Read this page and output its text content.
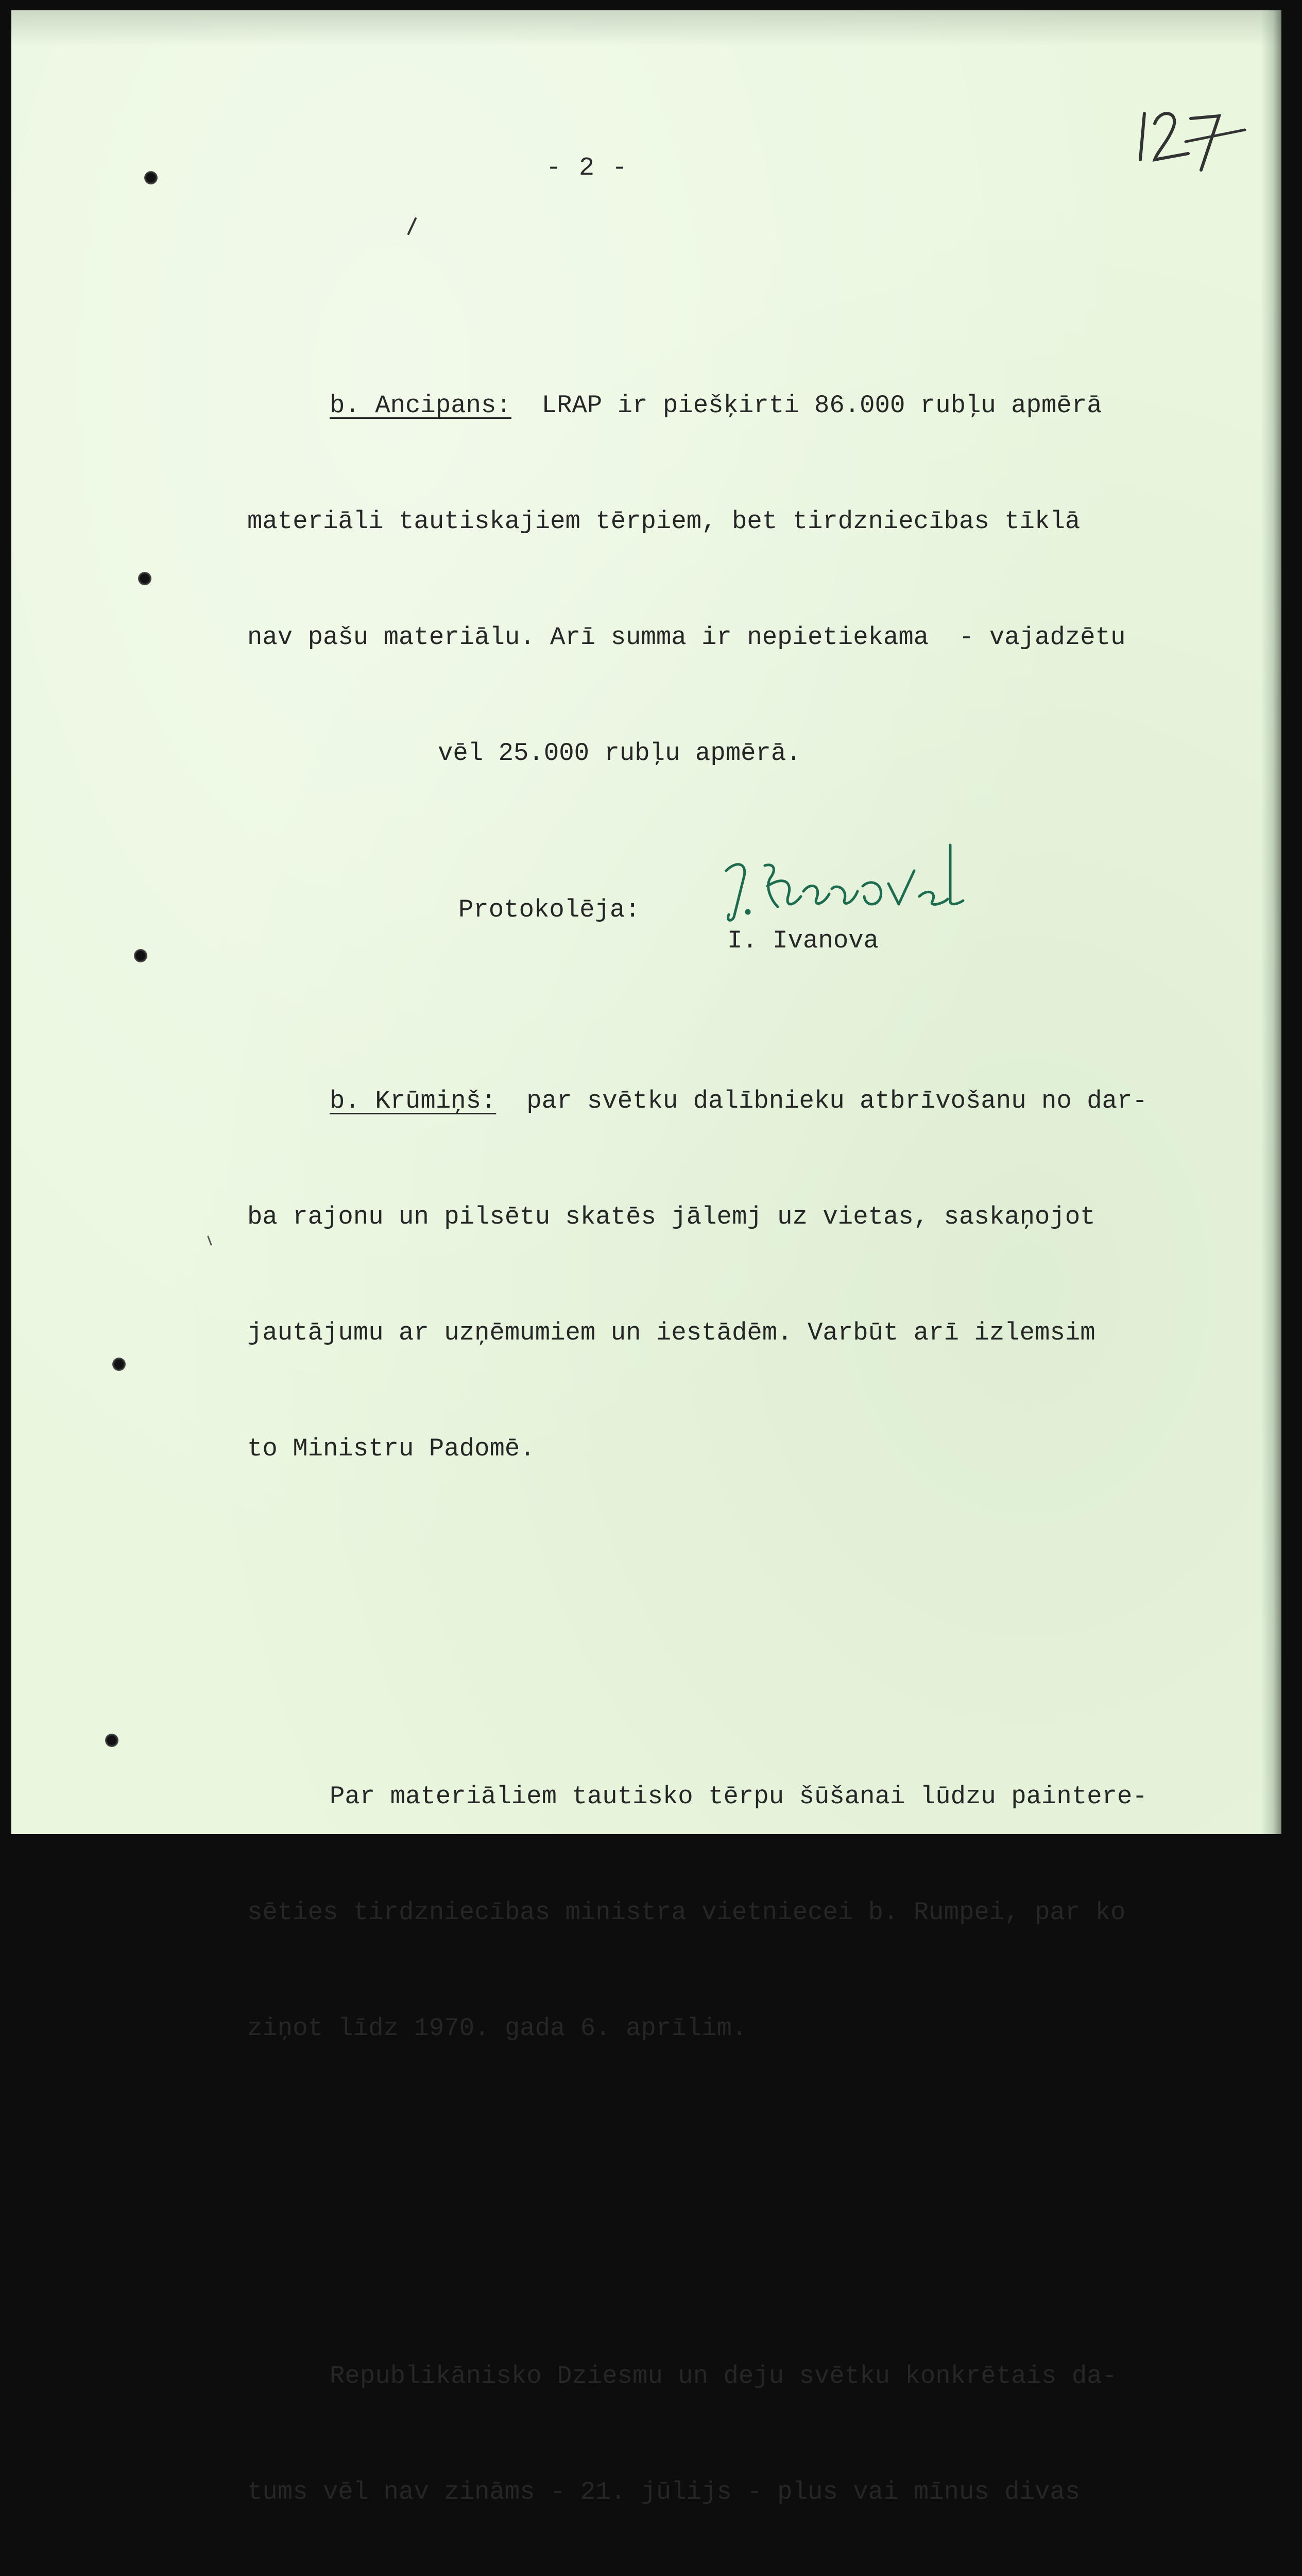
- 2 -

b. Ancipans:  LRAP ir piešķirti 86.000 rubļu apmērā

materiāli tautiskajiem tērpiem, bet tirdzniecības tīklā

nav pašu materiālu. Arī summa ir nepietiekama  - vajadzētu

vēl 25.000 rubļu apmērā.

b. Krūmiņš:  par svētku dalībnieku atbrīvošanu no dar-

ba rajonu un pilsētu skatēs jālemj uz vietas, saskaņojot

jautājumu ar uzņēmumiem un iestādēm. Varbūt arī izlemsim

to Ministru Padomē.

Par materiāliem tautisko tērpu šūšanai lūdzu paintere-

sēties tirdzniecības ministra vietniecei b. Rumpei, par ko

ziņot līdz 1970. gada 6. aprīlim.

Republikānisko Dziesmu un deju svētku konkrētais da-

tums vēl nav zināms - 21. jūlijs - plus vai mīnus divas

Protokolēja:
I. Ivanova
